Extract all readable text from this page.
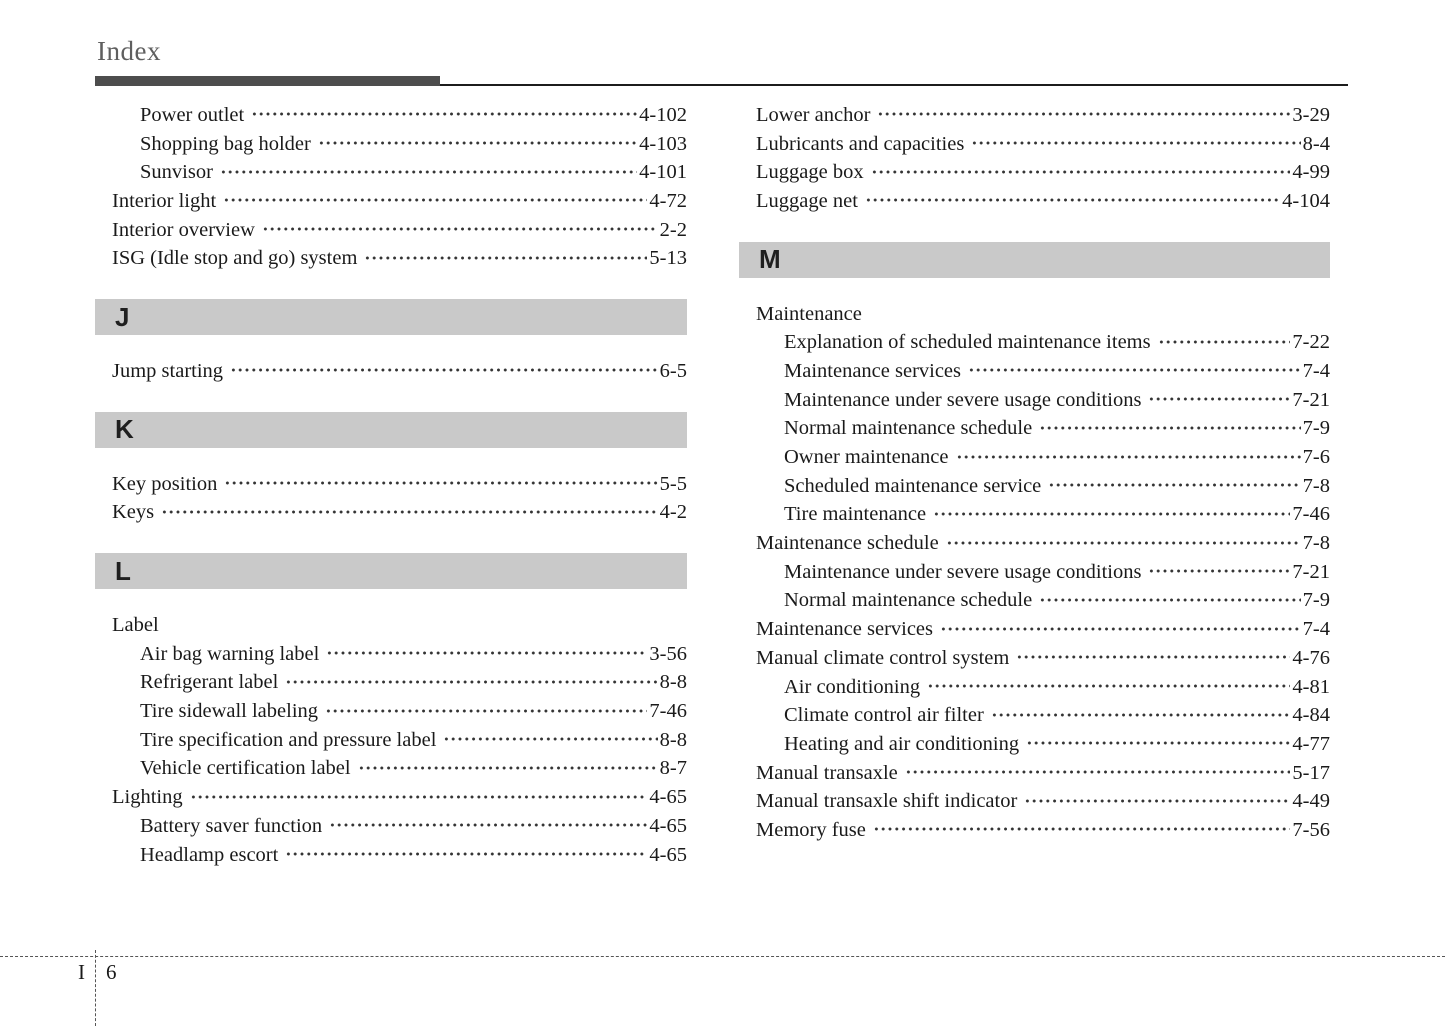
Index
Power outlet	4-102
Shopping bag holder	4-103
Sunvisor	4-101
Interior light	4-72
Interior overview	2-2
ISG (Idle stop and go) system	5-13
J
Jump starting	6-5
K
Key position	5-5
Keys	4-2
L
Label
Air bag warning label	3-56
Refrigerant label	8-8
Tire sidewall labeling	7-46
Tire specification and pressure label	8-8
Vehicle certification label	8-7
Lighting	4-65
Battery saver function	4-65
Headlamp escort	4-65
Lower anchor	3-29
Lubricants and capacities	8-4
Luggage box	4-99
Luggage net	4-104
M
Maintenance
Explanation of scheduled maintenance items	7-22
Maintenance services	7-4
Maintenance under severe usage conditions	7-21
Normal maintenance schedule	7-9
Owner maintenance	7-6
Scheduled maintenance service	7-8
Tire maintenance	7-46
Maintenance schedule	7-8
Maintenance under severe usage conditions	7-21
Normal maintenance schedule	7-9
Maintenance services	7-4
Manual climate control system	4-76
Air conditioning	4-81
Climate control air filter	4-84
Heating and air conditioning	4-77
Manual transaxle	5-17
Manual transaxle shift indicator	4-49
Memory fuse	7-56
I 6
